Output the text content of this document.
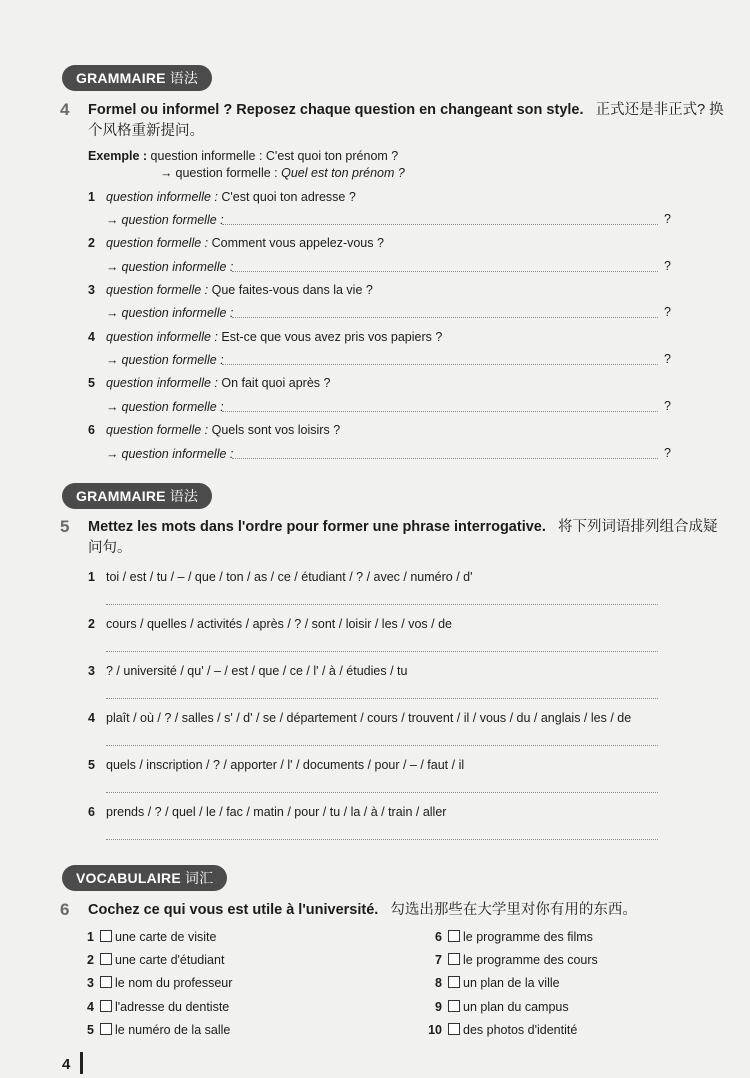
GRAMMAIRE 语法
4 Formel ou informel ? Reposez chaque question en changeant son style. 正式还是非正式? 换个风格重新提问。
Exemple : question informelle : C'est quoi ton prénom ?
→ question formelle : Quel est ton prénom ?
1 question informelle : C'est quoi ton adresse ?
→ question formelle :	?
2 question formelle : Comment vous appelez-vous ?
→ question informelle :	?
3 question formelle : Que faites-vous dans la vie ?
→ question informelle :	?
4 question informelle : Est-ce que vous avez pris vos papiers ?
→ question formelle :	?
5 question informelle : On fait quoi après ?
→ question formelle :	?
6 question formelle : Quels sont vos loisirs ?
→ question informelle :	?
GRAMMAIRE 语法
5 Mettez les mots dans l'ordre pour former une phrase interrogative. 将下列词语排列组合成疑问句。
1 toi / est / tu / – / que / ton / as / ce / étudiant / ? / avec / numéro / d'
2 cours / quelles / activités / après / ? / sont / loisir / les / vos / de
3 ? / université / qu' / – / est / que / ce / l' / à / étudies / tu
4 plaît / où / ? / salles / s' / d' / se / département / cours / trouvent / il / vous / du / anglais / les / de
5 quels / inscription / ? / apporter / l' / documents / pour / – / faut / il
6 prends / ? / quel / le / fac / matin / pour / tu / la / à / train / aller
VOCABULAIRE 词汇
6 Cochez ce qui vous est utile à l'université. 勾选出那些在大学里对你有用的东西。
1 une carte de visite
2 une carte d'étudiant
3 le nom du professeur
4 l'adresse du dentiste
5 le numéro de la salle
6 le programme des films
7 le programme des cours
8 un plan de la ville
9 un plan du campus
10 des photos d'identité
4
